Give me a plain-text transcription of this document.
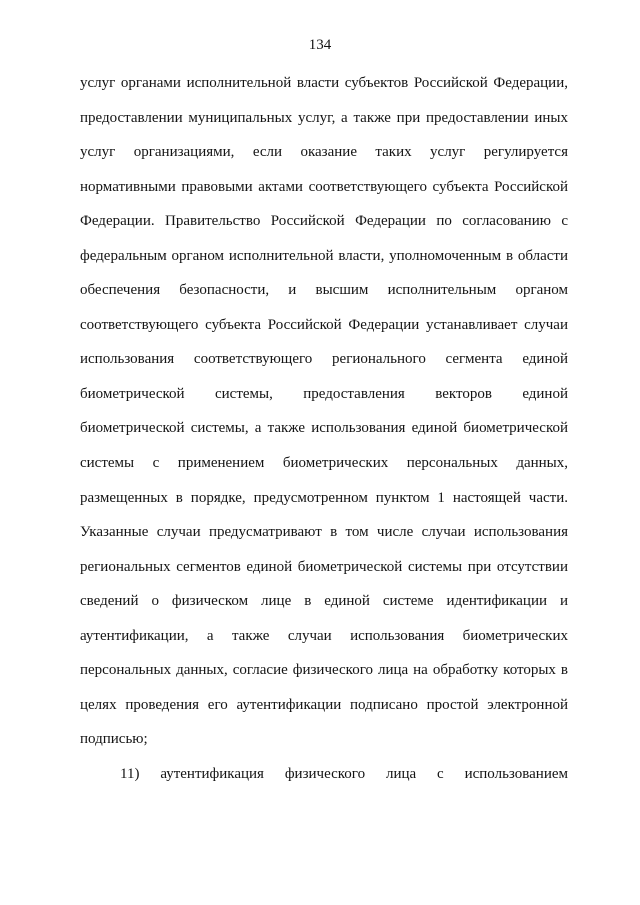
134
услуг органами исполнительной власти субъектов Российской Федерации,
предоставлении муниципальных услуг, а также при предоставлении иных
услуг организациями, если оказание таких услуг регулируется
нормативными правовыми актами соответствующего субъекта Российской
Федерации. Правительство Российской Федерации по согласованию с
федеральным органом исполнительной власти, уполномоченным в области
обеспечения безопасности, и высшим исполнительным органом
соответствующего субъекта Российской Федерации устанавливает случаи
использования соответствующего регионального сегмента единой
биометрической системы, предоставления векторов единой
биометрической системы, а также использования единой биометрической
системы с применением биометрических персональных данных,
размещенных в порядке, предусмотренном пунктом 1 настоящей части.
Указанные случаи предусматривают в том числе случаи использования
региональных сегментов единой биометрической системы при отсутствии
сведений о физическом лице в единой системе идентификации и
аутентификации, а также случаи использования биометрических
персональных данных, согласие физического лица на обработку которых в
целях проведения его аутентификации подписано простой электронной
подписью;
11) аутентификация физического лица с использованием
